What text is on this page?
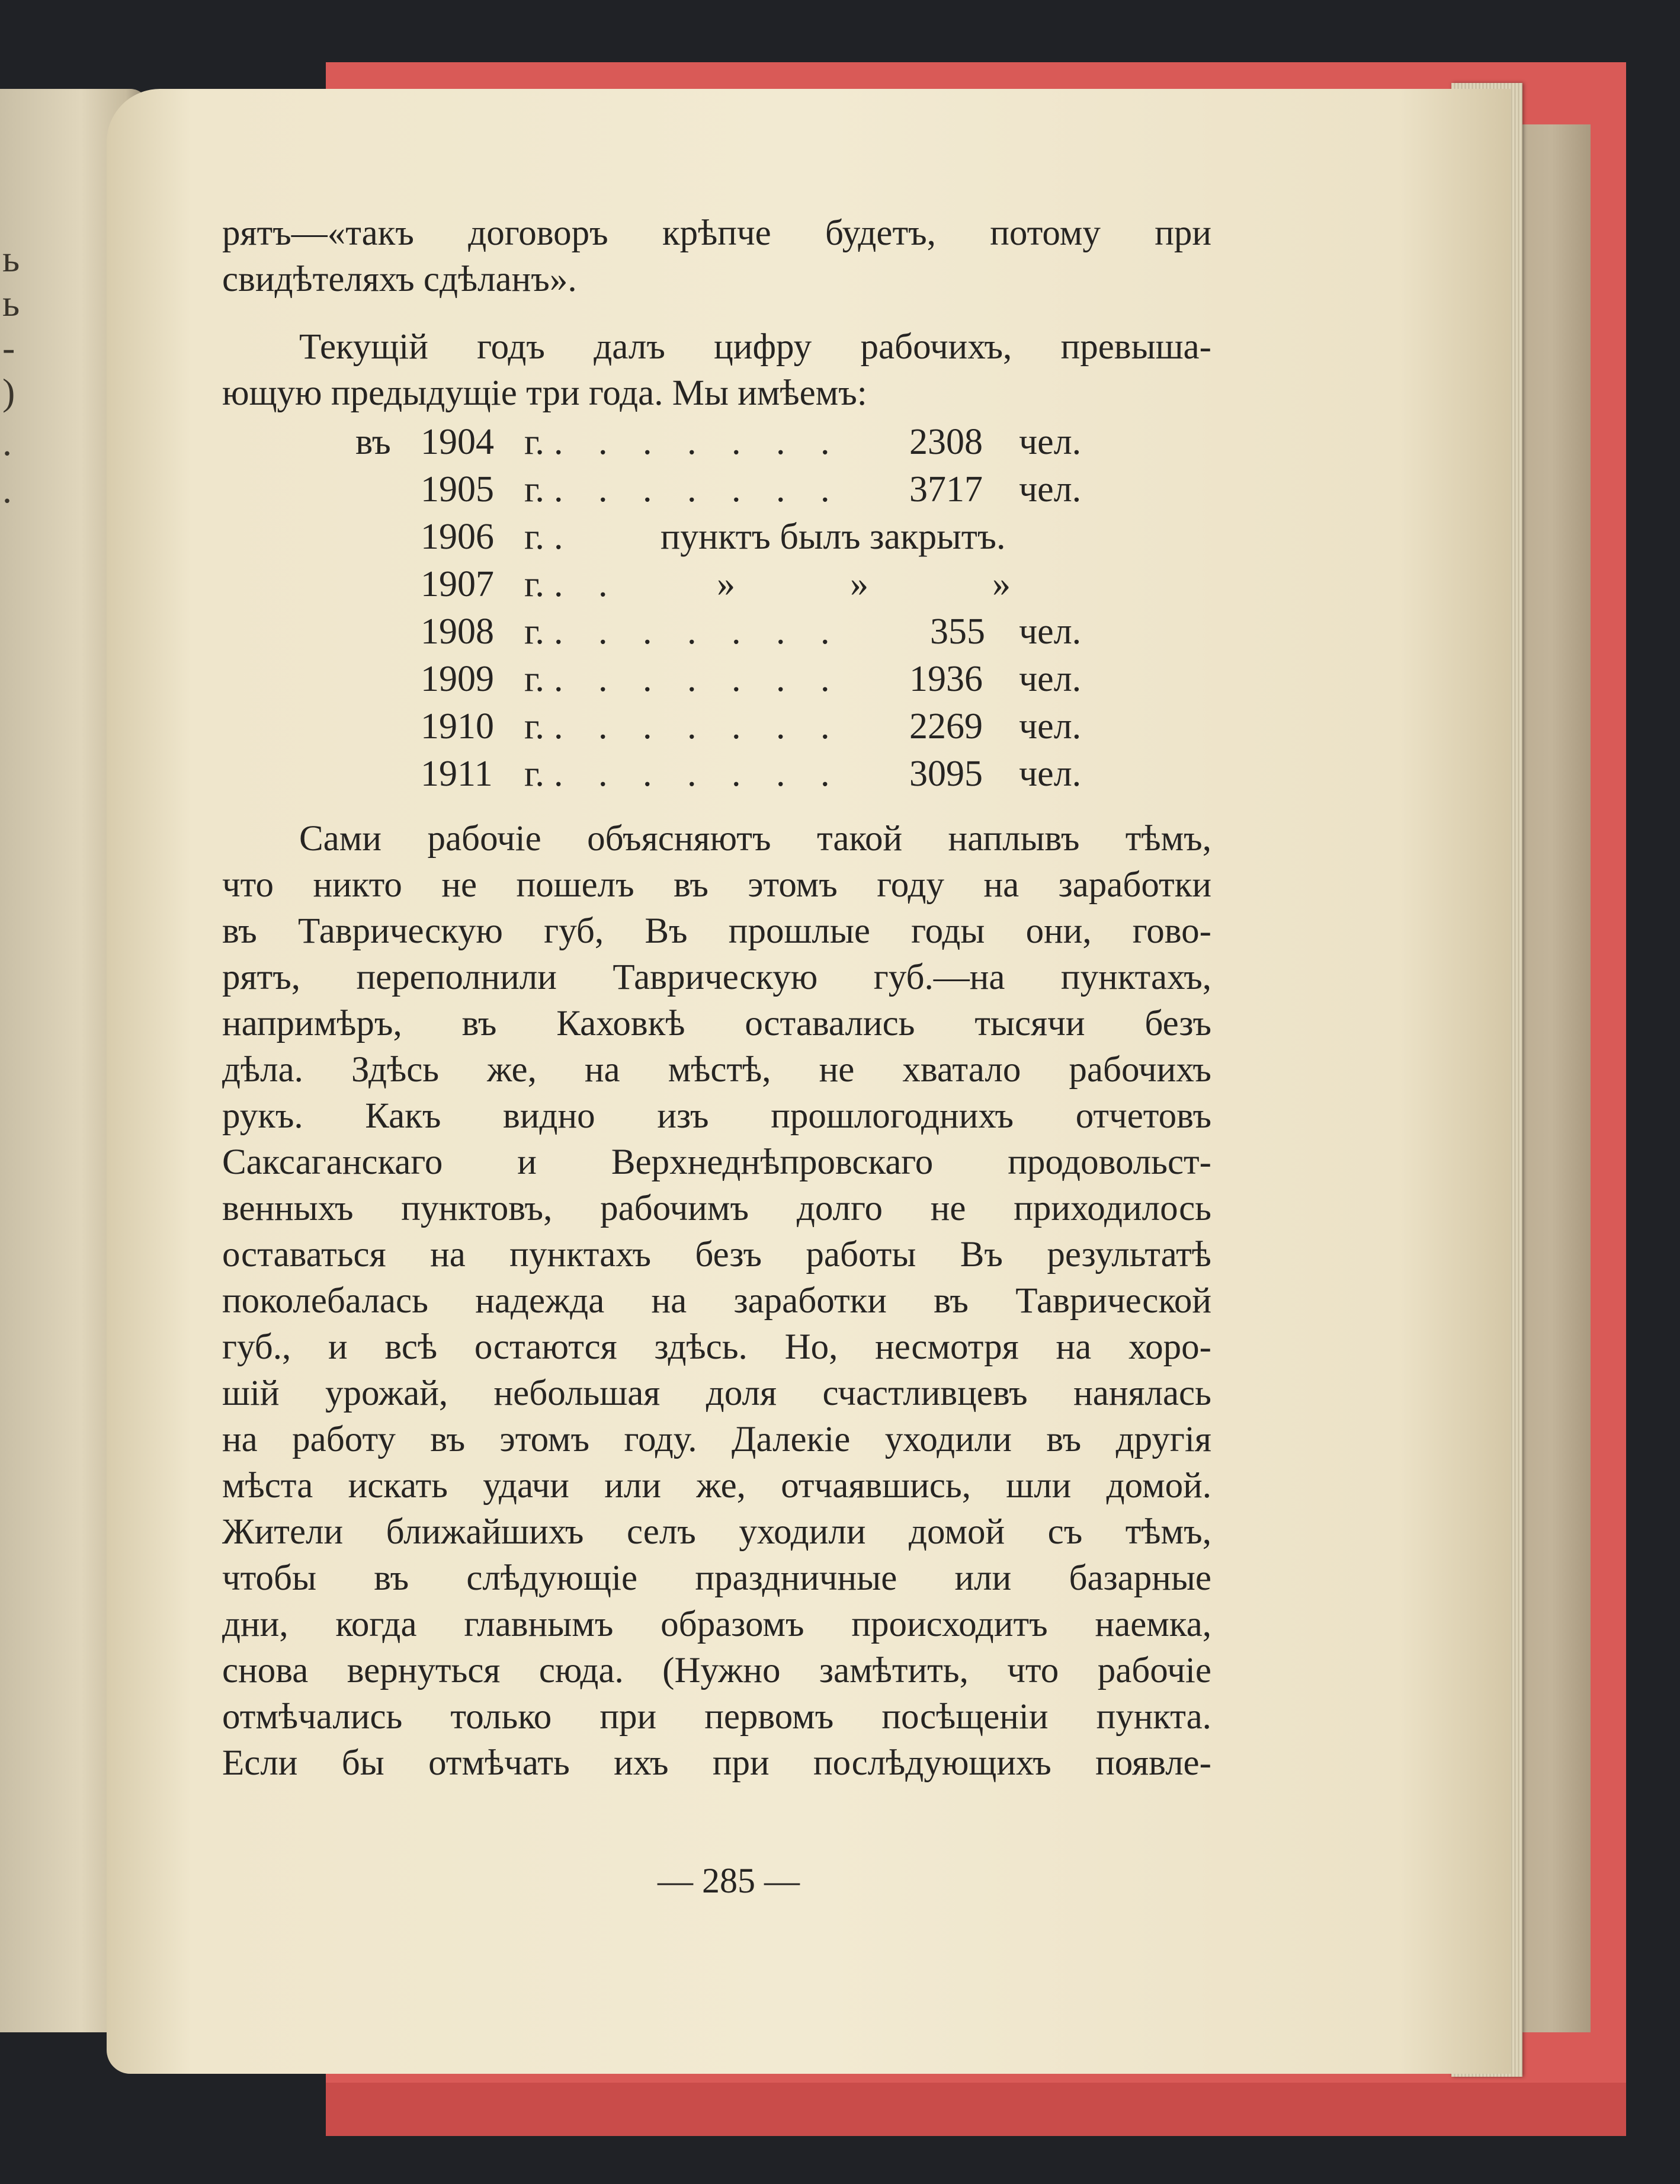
ь
ь
-
)
.
.
рятъ—«такъ договоръ крѣпче будетъ, потому при
свидѣтеляхъ сдѣланъ».
Текущій годъ далъ цифру рабочихъ, превыша-
ющую предыдущіе три года. Мы имѣемъ:
въ 1904 г. . . . . . . . 2308 чел.
1905 г. . . . . . . . 3717 чел.
1906 г. . пунктъ былъ закрытъ.
1907 г. . .	»	»	»
1908 г. . . . . . . . 355 чел.
1909 г. . . . . . . . 1936 чел.
1910 г. . . . . . . . 2269 чел.
1911 г. . . . . . . . 3095 чел.
Сами рабочіе объясняютъ такой наплывъ тѣмъ,
что никто не пошелъ въ этомъ году на заработки
въ Таврическую губ, Въ прошлые годы они, гово-
рятъ, переполнили Таврическую губ.—на пунктахъ,
напримѣръ, въ Каховкѣ оставались тысячи безъ
дѣла. Здѣсь же, на мѣстѣ, не хватало рабочихъ
рукъ. Какъ видно изъ прошлогоднихъ отчетовъ
Саксаганскаго и Верхнеднѣпровскаго продовольст-
венныхъ пунктовъ, рабочимъ долго не приходилось
оставаться на пунктахъ безъ работы Въ результатѣ
поколебалась надежда на заработки въ Таврической
губ., и всѣ остаются здѣсь. Но, несмотря на хоро-
шій урожай, небольшая доля счастливцевъ нанялась
на работу въ этомъ году. Далекіе уходили въ другія
мѣста искать удачи или же, отчаявшись, шли домой.
Жители ближайшихъ селъ уходили домой съ тѣмъ,
чтобы въ слѣдующіе праздничные или базарные
дни, когда главнымъ образомъ происходитъ наемка,
снова вернуться сюда. (Нужно замѣтить, что рабочіе
отмѣчались только при первомъ посѣщеніи пункта.
Если бы отмѣчать ихъ при послѣдующихъ появле-
— 285 —
